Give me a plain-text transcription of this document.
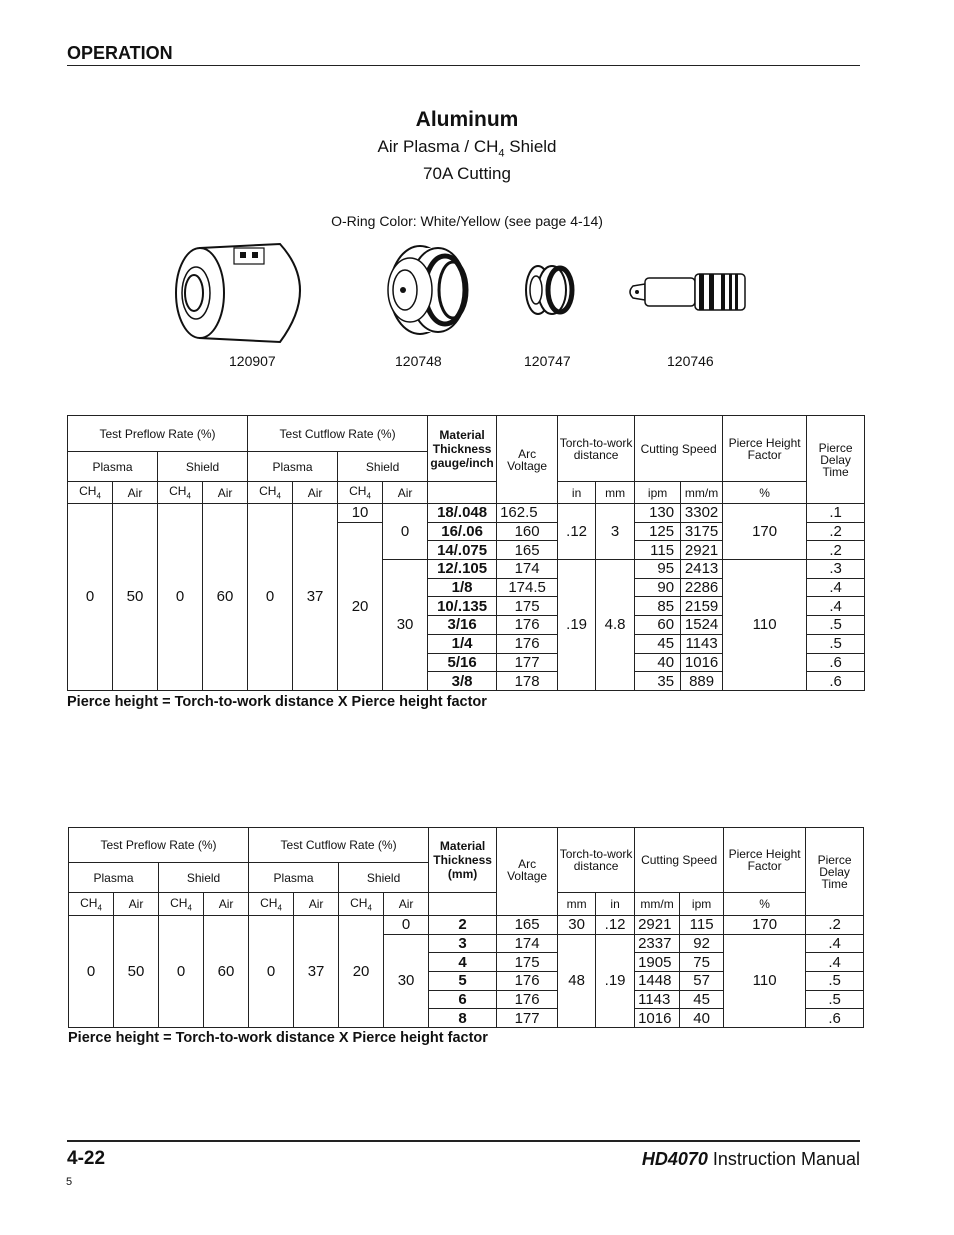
OPERATION
Aluminum
Air Plasma / $CH_4$ Shield
70A Cutting
O-Ring Color: White/Yellow (see page 4-14)
120907	120748	120747	120746
Test Preflow Rate (%)				Test Cutflow Rate (%)				Material Thickness
gauge/inch	Arc Voltage	Torch-to-work distance		Cutting Speed		Pierce Height Factor	Pierce Delay Time
Plasma		Shield		Plasma		Shield									
$CH_4$	Air	$CH_4$	Air	$CH_4$	Air	$CH_4$	Air			in	mm	ipm	mm/m	%	
0	50	0	60	0	37	10	0	18/.048	162.5	.12	3	130	3302	170	.1
						20		16/.06	160			125	3175		.2
								14/.075	165			115	2921		.2
							30	12/.105	174	.19	4.8	95	2413	110	.3
								1/8	174.5			90	2286		.4
								10/.135	175			85	2159		.4
								3/16	176			60	1524		.5
								1/4	176			45	1143		.5
								5/16	177			40	1016		.6
								3/8	178			35	889		.6
Pierce height = Torch-to-work distance X Pierce height factor
Test Preflow Rate (%)				Test Cutflow Rate (%)				Material Thickness
(mm)	Arc Voltage	Torch-to-work distance		Cutting Speed		Pierce Height Factor	Pierce Delay Time
Plasma		Shield		Plasma		Shield									
$CH_4$	Air	$CH_4$	Air	$CH_4$	Air	$CH_4$	Air			mm	in	mm/m	ipm	%	
0	50	0	60	0	37	20	0	2	165	30	.12	2921	115	170	.2
							30	3	174	48	.19	2337	92	110	.4
								4	175			1905	75		.4
								5	176			1448	57		.5
								6	176			1143	45		.5
								8	177			1016	40		.6
Pierce height = Torch-to-work distance X Pierce height factor
4-22	HD4070 Instruction Manual
5
